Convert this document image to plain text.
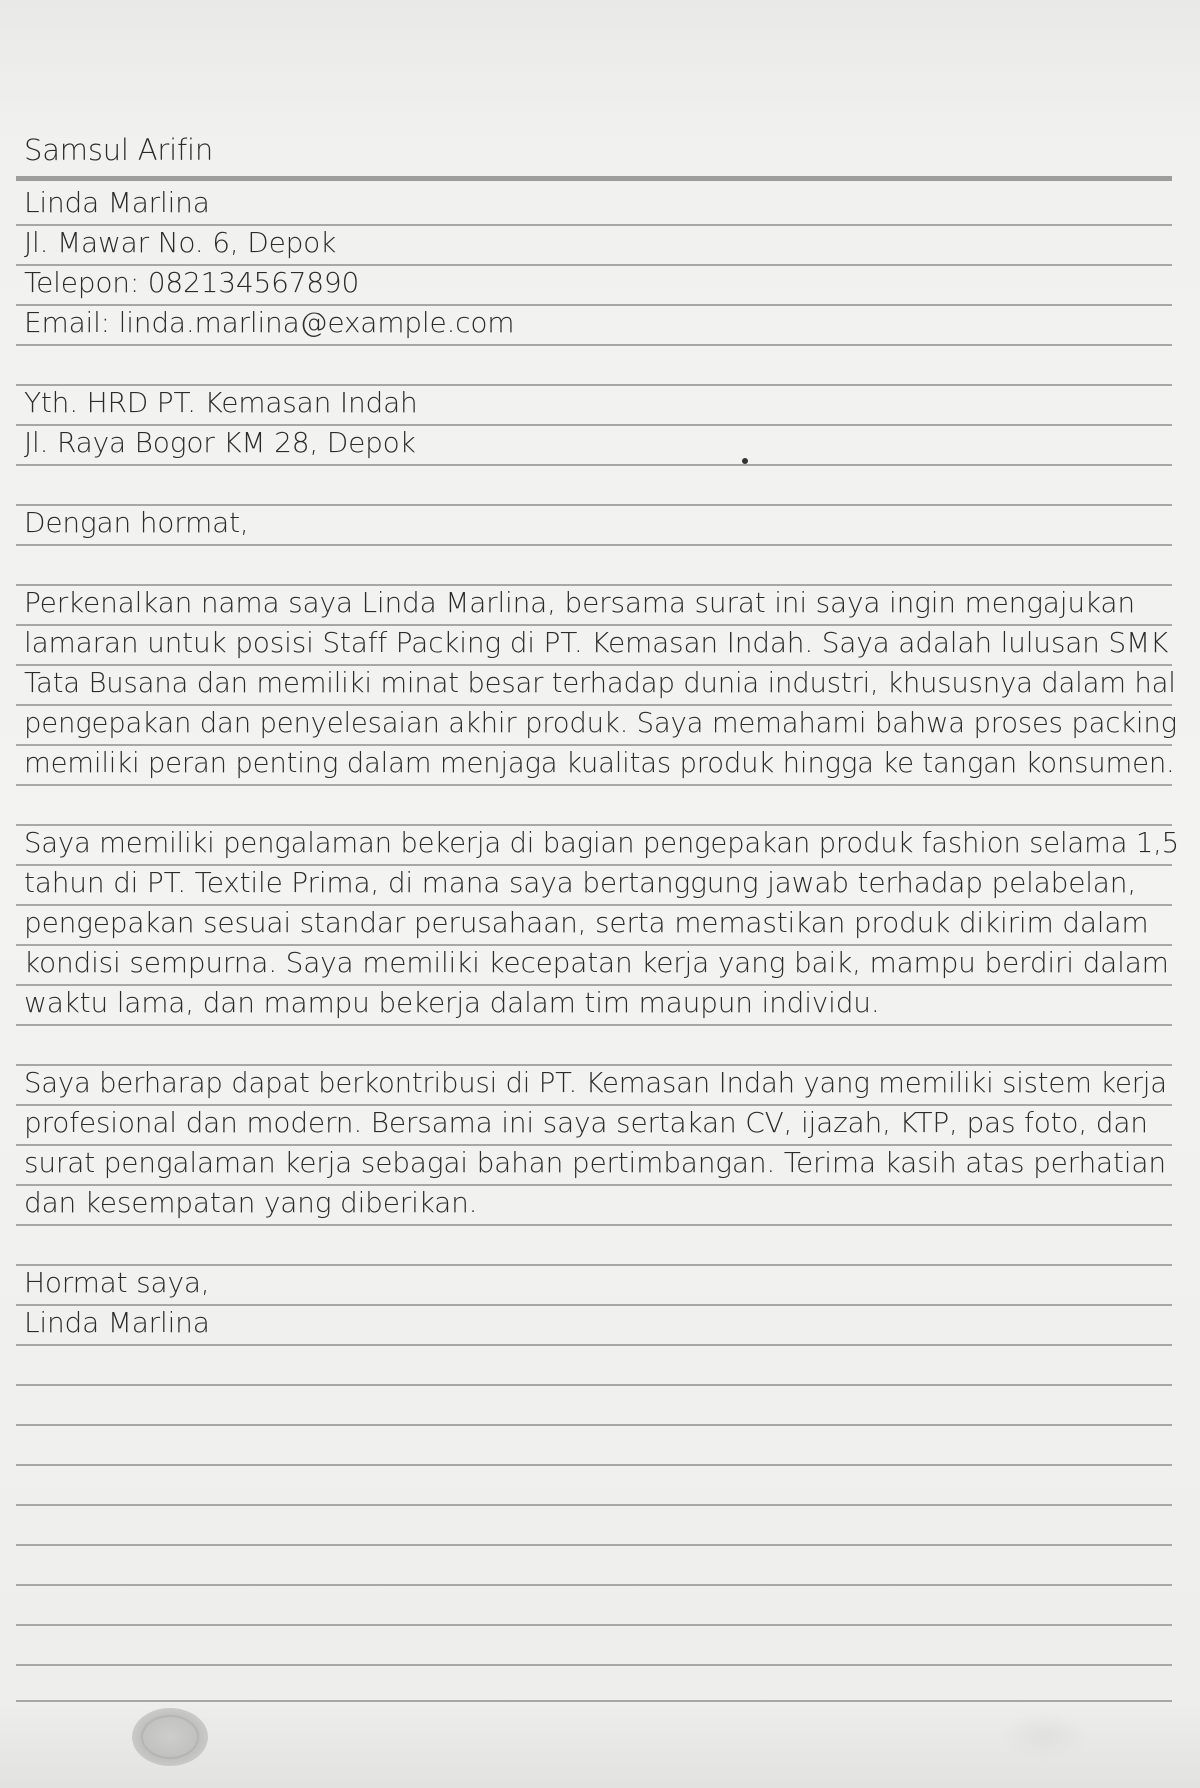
Samsul Arifin
Linda Marlina
Jl. Mawar No. 6, Depok
Telepon: 082134567890
Email: linda.marlina@example.com
Yth. HRD PT. Kemasan Indah
Jl. Raya Bogor KM 28, Depok
Dengan hormat,
Perkenalkan nama saya Linda Marlina, bersama surat ini saya ingin mengajukan
lamaran untuk posisi Staff Packing di PT. Kemasan Indah. Saya adalah lulusan SMK
Tata Busana dan memiliki minat besar terhadap dunia industri, khususnya dalam hal
pengepakan dan penyelesaian akhir produk. Saya memahami bahwa proses packing
memiliki peran penting dalam menjaga kualitas produk hingga ke tangan konsumen.
Saya memiliki pengalaman bekerja di bagian pengepakan produk fashion selama 1,5
tahun di PT. Textile Prima, di mana saya bertanggung jawab terhadap pelabelan,
pengepakan sesuai standar perusahaan, serta memastikan produk dikirim dalam
kondisi sempurna. Saya memiliki kecepatan kerja yang baik, mampu berdiri dalam
waktu lama, dan mampu bekerja dalam tim maupun individu.
Saya berharap dapat berkontribusi di PT. Kemasan Indah yang memiliki sistem kerja
profesional dan modern. Bersama ini saya sertakan CV, ijazah, KTP, pas foto, dan
surat pengalaman kerja sebagai bahan pertimbangan. Terima kasih atas perhatian
dan kesempatan yang diberikan.
Hormat saya,
Linda Marlina
